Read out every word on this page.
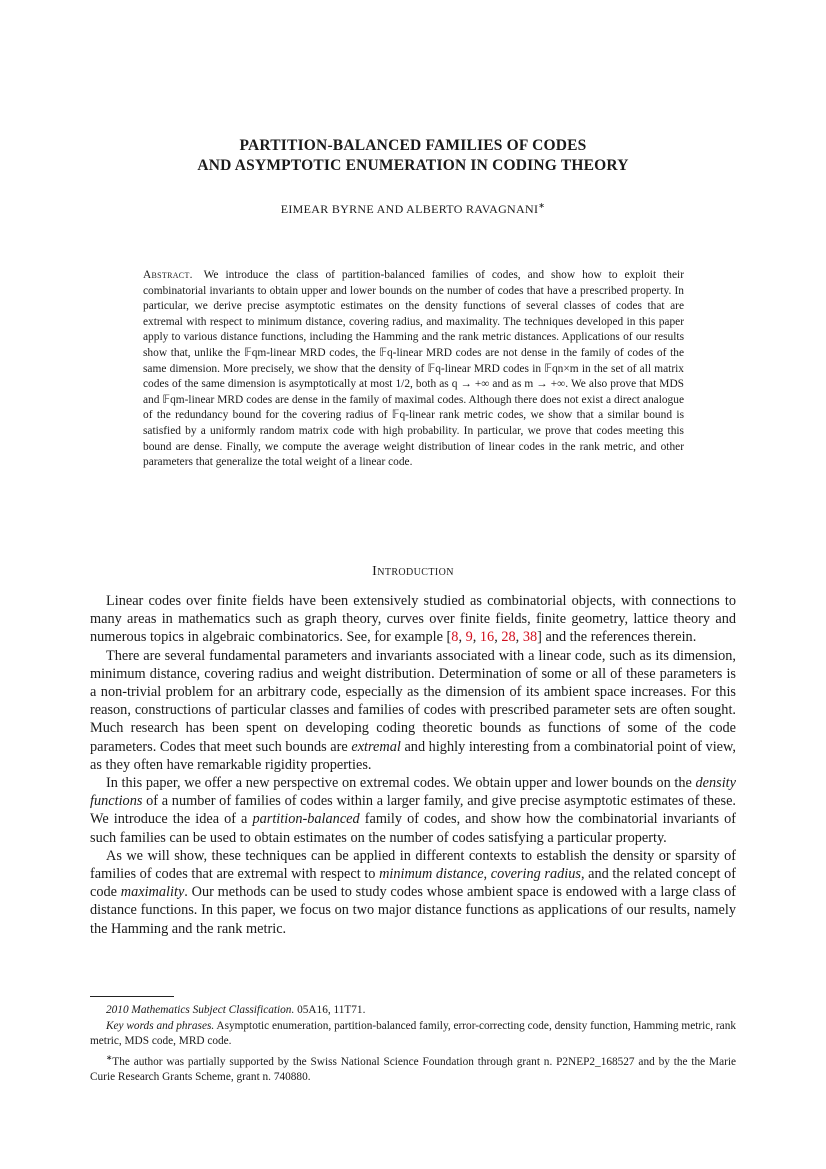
PARTITION-BALANCED FAMILIES OF CODES
AND ASYMPTOTIC ENUMERATION IN CODING THEORY
EIMEAR BYRNE AND ALBERTO RAVAGNANI∗
Abstract. We introduce the class of partition-balanced families of codes, and show how to exploit their combinatorial invariants to obtain upper and lower bounds on the number of codes that have a prescribed property. In particular, we derive precise asymptotic estimates on the density functions of several classes of codes that are extremal with respect to minimum distance, covering radius, and maximality. The techniques developed in this paper apply to various distance functions, including the Hamming and the rank metric distances. Applications of our results show that, unlike the 𝔽qm-linear MRD codes, the 𝔽q-linear MRD codes are not dense in the family of codes of the same dimension. More precisely, we show that the density of 𝔽q-linear MRD codes in 𝔽qn×m in the set of all matrix codes of the same dimension is asymptotically at most 1/2, both as q → +∞ and as m → +∞. We also prove that MDS and 𝔽qm-linear MRD codes are dense in the family of maximal codes. Although there does not exist a direct analogue of the redundancy bound for the covering radius of 𝔽q-linear rank metric codes, we show that a similar bound is satisfied by a uniformly random matrix code with high probability. In particular, we prove that codes meeting this bound are dense. Finally, we compute the average weight distribution of linear codes in the rank metric, and other parameters that generalize the total weight of a linear code.
Introduction

Linear codes over finite fields have been extensively studied as combinatorial objects, with connections to many areas in mathematics such as graph theory, curves over finite fields, finite geometry, lattice theory and numerous topics in algebraic combinatorics. See, for example [8, 9, 16, 28, 38] and the references therein.

There are several fundamental parameters and invariants associated with a linear code, such as its dimension, minimum distance, covering radius and weight distribution. Determination of some or all of these parameters is a non-trivial problem for an arbitrary code, especially as the dimension of its ambient space increases. For this reason, constructions of particular classes and families of codes with prescribed parameter sets are often sought. Much research has been spent on developing coding theoretic bounds as functions of some of the code parameters. Codes that meet such bounds are extremal and highly interesting from a combinatorial point of view, as they often have remarkable rigidity properties.

In this paper, we offer a new perspective on extremal codes. We obtain upper and lower bounds on the density functions of a number of families of codes within a larger family, and give precise asymptotic estimates of these. We introduce the idea of a partition-balanced family of codes, and show how the combinatorial invariants of such families can be used to obtain estimates on the number of codes satisfying a particular property.

As we will show, these techniques can be applied in different contexts to establish the density or sparsity of families of codes that are extremal with respect to minimum distance, covering radius, and the related concept of code maximality. Our methods can be used to study codes whose ambient space is endowed with a large class of distance functions. In this paper, we focus on two major distance functions as applications of our results, namely the Hamming and the rank metric.

2010 Mathematics Subject Classification. 05A16, 11T71.

Key words and phrases. Asymptotic enumeration, partition-balanced family, error-correcting code, density function, Hamming metric, rank metric, MDS code, MRD code.

∗The author was partially supported by the Swiss National Science Foundation through grant n. P2NEP2_168527 and by the the Marie Curie Research Grants Scheme, grant n. 740880.
